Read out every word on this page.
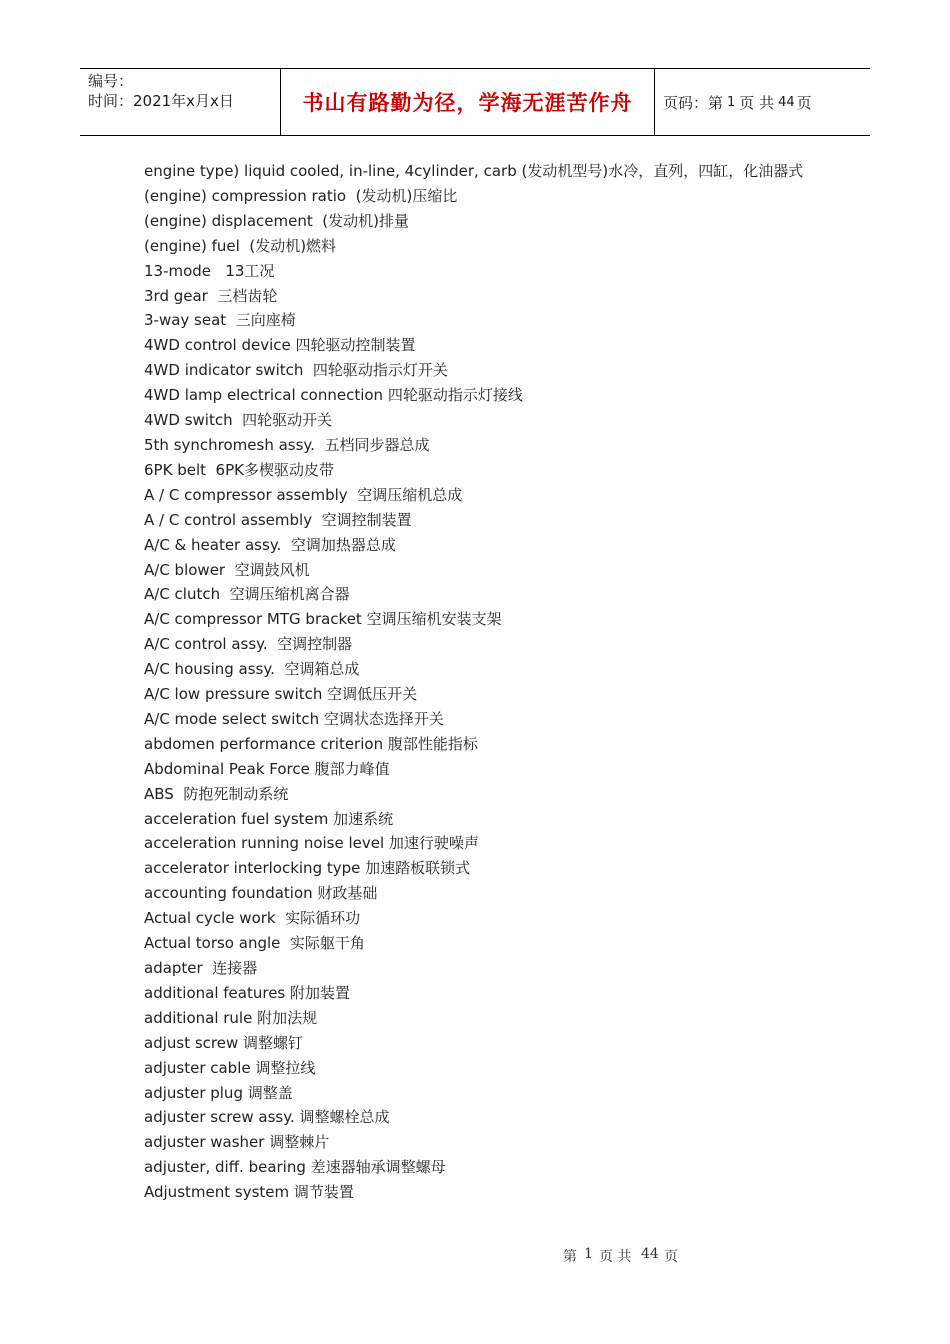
编号：
时间：2021年x月x日	书山有路勤为径，学海无涯苦作舟 页码：第 1 页 共 44 页
engine type) liquid cooled, in-line, 4cylinder, carb (发动机型号)水冷，直列，四缸，化油器式
(engine) compression ratio  (发动机)压缩比
(engine) displacement  (发动机)排量
(engine) fuel  (发动机)燃料
13-mode   13工况
3rd gear  三档齿轮
3-way seat  三向座椅
4WD control device 四轮驱动控制装置
4WD indicator switch  四轮驱动指示灯开关
4WD lamp electrical connection 四轮驱动指示灯接线
4WD switch  四轮驱动开关
5th synchromesh assy.  五档同步器总成
6PK belt  6PK多楔驱动皮带
A / C compressor assembly  空调压缩机总成
A / C control assembly  空调控制装置
A/C & heater assy.  空调加热器总成
A/C blower  空调鼓风机
A/C clutch  空调压缩机离合器
A/C compressor MTG bracket 空调压缩机安装支架
A/C control assy.  空调控制器
A/C housing assy.  空调箱总成
A/C low pressure switch 空调低压开关
A/C mode select switch 空调状态选择开关
abdomen performance criterion 腹部性能指标
Abdominal Peak Force 腹部力峰值
ABS  防抱死制动系统
acceleration fuel system 加速系统
acceleration running noise level 加速行驶噪声
accelerator interlocking type 加速踏板联锁式
accounting foundation 财政基础
Actual cycle work  实际循环功
Actual torso angle  实际躯干角
adapter  连接器
additional features 附加装置
additional rule 附加法规
adjust screw 调整螺钉
adjuster cable 调整拉线
adjuster plug 调整盖
adjuster screw assy. 调整螺栓总成
adjuster washer 调整棘片
adjuster, diff. bearing 差速器轴承调整螺母
Adjustment system 调节装置
第 1 页 共 44 页
